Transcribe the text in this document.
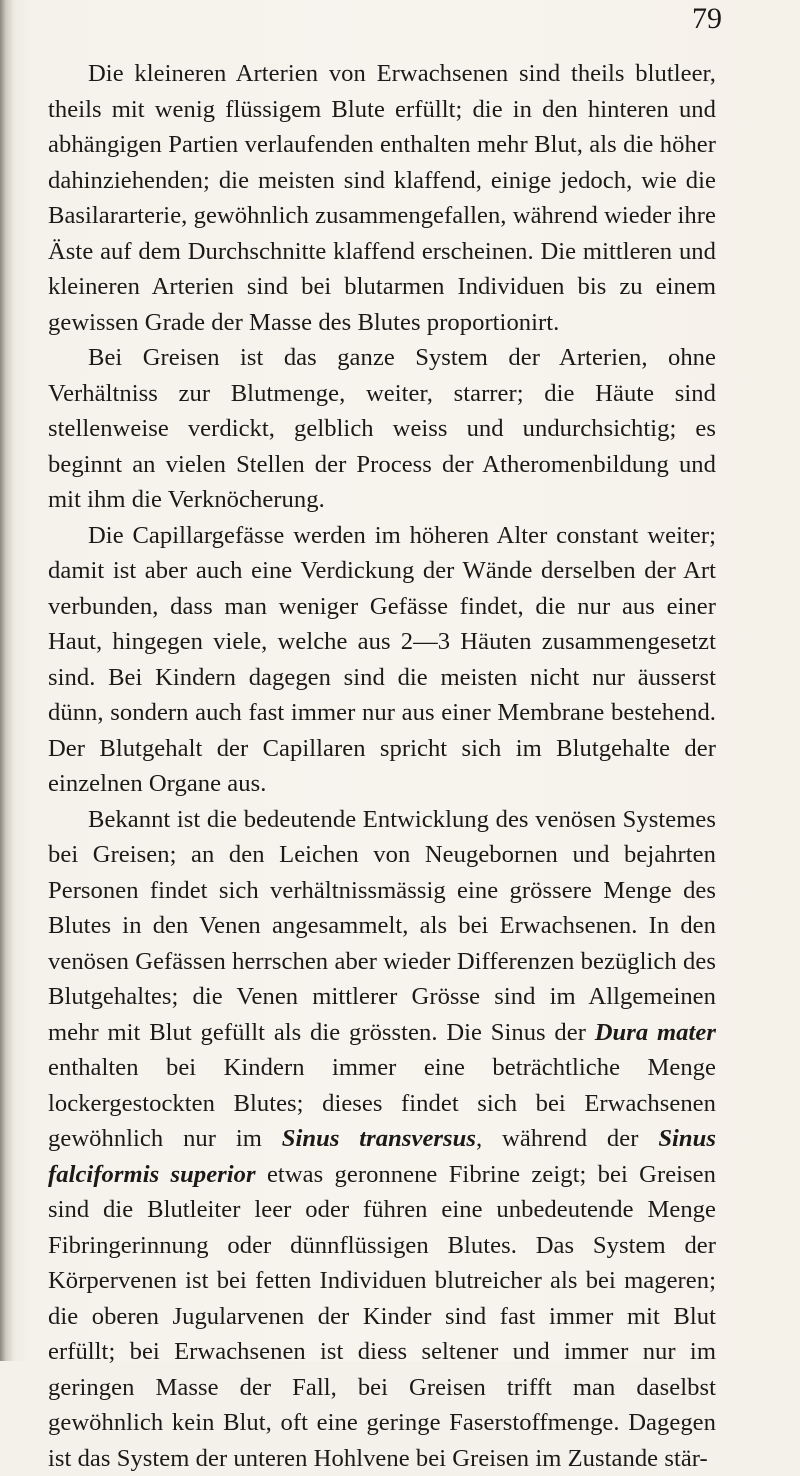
79

Die kleineren Arterien von Erwachsenen sind theils blutleer, theils mit wenig flüssigem Blute erfüllt; die in den hinteren und abhängigen Partien verlaufenden enthalten mehr Blut, als die höher dahinziehenden; die meisten sind klaffend, einige jedoch, wie die Basilararterie, gewöhnlich zusammengefallen, während wieder ihre Äste auf dem Durchschnitte klaffend erscheinen. Die mittleren und kleineren Arterien sind bei blutarmen Individuen bis zu einem gewissen Grade der Masse des Blutes proportionirt.

Bei Greisen ist das ganze System der Arterien, ohne Verhältniss zur Blutmenge, weiter, starrer; die Häute sind stellenweise verdickt, gelblich weiss und undurchsichtig; es beginnt an vielen Stellen der Process der Atheromenbildung und mit ihm die Verknöcherung.

Die Capillargefässe werden im höheren Alter constant weiter; damit ist aber auch eine Verdickung der Wände derselben der Art verbunden, dass man weniger Gefässe findet, die nur aus einer Haut, hingegen viele, welche aus 2—3 Häuten zusammengesetzt sind. Bei Kindern dagegen sind die meisten nicht nur äusserst dünn, sondern auch fast immer nur aus einer Membrane bestehend. Der Blutgehalt der Capillaren spricht sich im Blutgehalte der einzelnen Organe aus.

Bekannt ist die bedeutende Entwicklung des venösen Systemes bei Greisen; an den Leichen von Neugebornen und bejahrten Personen findet sich verhältnissmässig eine grössere Menge des Blutes in den Venen angesammelt, als bei Erwachsenen. In den venösen Gefässen herrschen aber wieder Differenzen bezüglich des Blutgehaltes; die Venen mittlerer Grösse sind im Allgemeinen mehr mit Blut gefüllt als die grössten. Die Sinus der Dura mater enthalten bei Kindern immer eine beträchtliche Menge lockergestockten Blutes; dieses findet sich bei Erwachsenen gewöhnlich nur im Sinus transversus, während der Sinus falciformis superior etwas geronnene Fibrine zeigt; bei Greisen sind die Blutleiter leer oder führen eine unbedeutende Menge Fibringerinnung oder dünnflüssigen Blutes. Das System der Körpervenen ist bei fetten Individuen blutreicher als bei mageren; die oberen Jugularvenen der Kinder sind fast immer mit Blut erfüllt; bei Erwachsenen ist diess seltener und immer nur im geringen Masse der Fall, bei Greisen trifft man daselbst gewöhnlich kein Blut, oft eine geringe Faserstoffmenge. Dagegen ist das System der unteren Hohlvene bei Greisen im Zustande stär-
